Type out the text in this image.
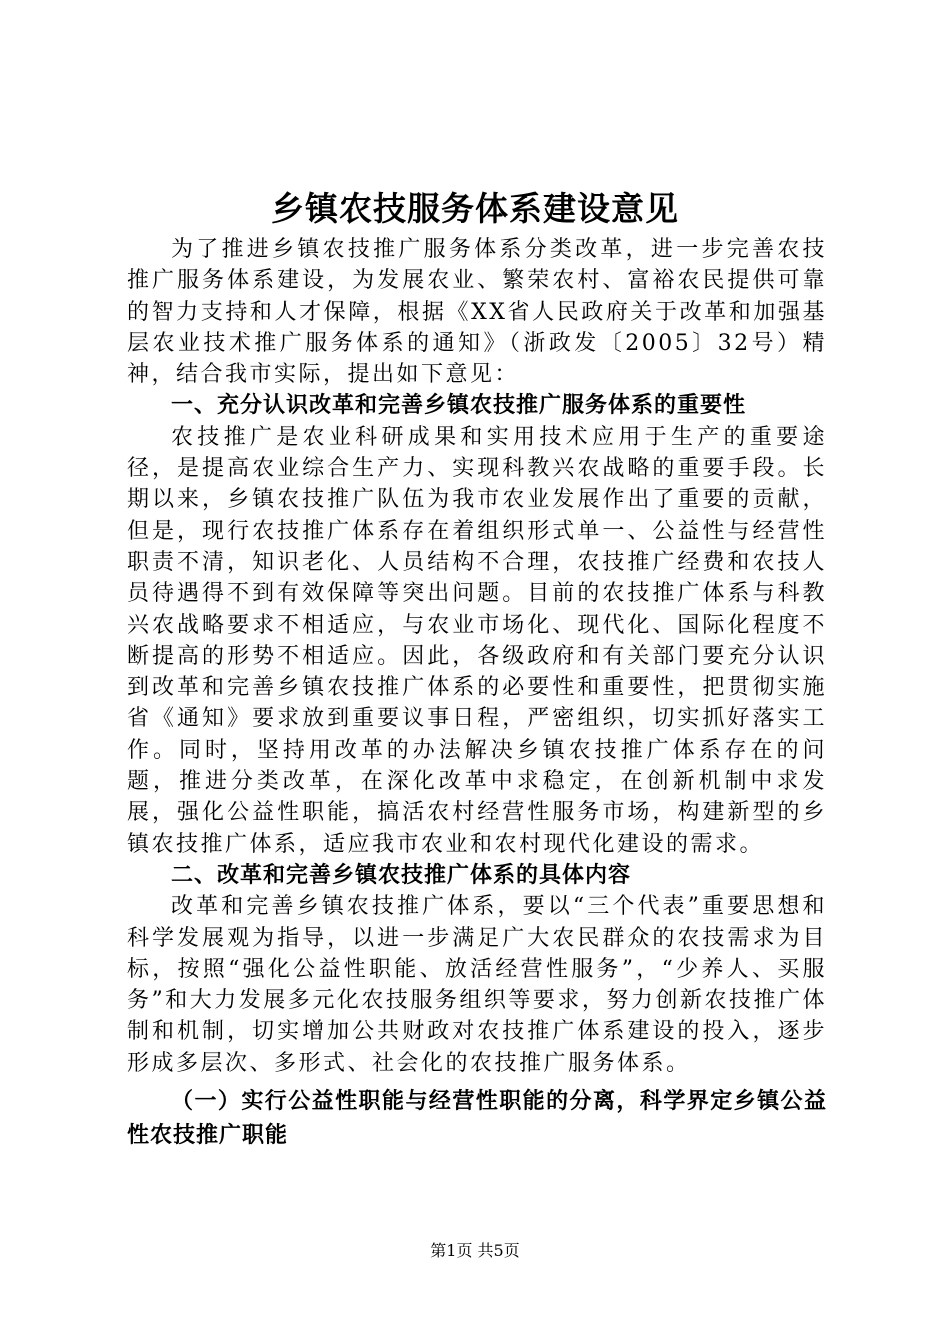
乡镇农技服务体系建设意见

为了推进乡镇农技推广服务体系分类改革，进一步完善农技推广服务体系建设，为发展农业、繁荣农村、富裕农民提供可靠的智力支持和人才保障，根据《XX省人民政府关于改革和加强基层农业技术推广服务体系的通知》（浙政发〔2005〕32号）精神，结合我市实际，提出如下意见：

一、充分认识改革和完善乡镇农技推广服务体系的重要性

农技推广是农业科研成果和实用技术应用于生产的重要途径，是提高农业综合生产力、实现科教兴农战略的重要手段。长期以来，乡镇农技推广队伍为我市农业发展作出了重要的贡献，但是，现行农技推广体系存在着组织形式单一、公益性与经营性职责不清，知识老化、人员结构不合理，农技推广经费和农技人员待遇得不到有效保障等突出问题。目前的农技推广体系与科教兴农战略要求不相适应，与农业市场化、现代化、国际化程度不断提高的形势不相适应。因此，各级政府和有关部门要充分认识到改革和完善乡镇农技推广体系的必要性和重要性，把贯彻实施省《通知》要求放到重要议事日程，严密组织，切实抓好落实工作。同时，坚持用改革的办法解决乡镇农技推广体系存在的问题，推进分类改革，在深化改革中求稳定，在创新机制中求发展，强化公益性职能，搞活农村经营性服务市场，构建新型的乡镇农技推广体系，适应我市农业和农村现代化建设的需求。

二、改革和完善乡镇农技推广体系的具体内容

改革和完善乡镇农技推广体系，要以“三个代表”重要思想和科学发展观为指导，以进一步满足广大农民群众的农技需求为目标，按照“强化公益性职能、放活经营性服务”，“少养人、买服务”和大力发展多元化农技服务组织等要求，努力创新农技推广体制和机制，切实增加公共财政对农技推广体系建设的投入，逐步形成多层次、多形式、社会化的农技推广服务体系。

（一）实行公益性职能与经营性职能的分离，科学界定乡镇公益性农技推广职能

第1页 共5页
